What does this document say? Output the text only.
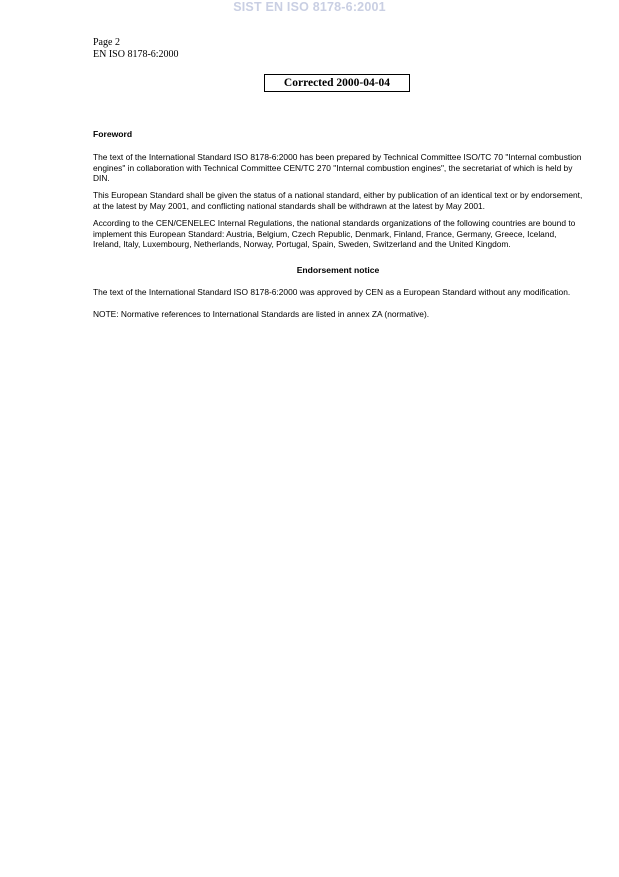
SIST EN ISO 8178-6:2001
Page 2
EN ISO 8178-6:2000
Corrected 2000-04-04
Foreword

The text of the International Standard ISO 8178-6:2000 has been prepared by Technical Committee ISO/TC 70 "Internal combustion engines" in collaboration with Technical Committee CEN/TC 270 "Internal combustion engines", the secretariat of which is held by DIN.

This European Standard shall be given the status of a national standard, either by publication of an identical text or by endorsement, at the latest by May 2001, and conflicting national standards shall be withdrawn at the latest by May 2001.

According to the CEN/CENELEC Internal Regulations, the national standards organizations of the following countries are bound to implement this European Standard: Austria, Belgium, Czech Republic, Denmark, Finland, France, Germany, Greece, Iceland, Ireland, Italy, Luxembourg, Netherlands, Norway, Portugal, Spain, Sweden, Switzerland and the United Kingdom.

Endorsement notice

The text of the International Standard ISO 8178-6:2000 was approved by CEN as a European Standard without any modification.

NOTE: Normative references to International Standards are listed in annex ZA (normative).
